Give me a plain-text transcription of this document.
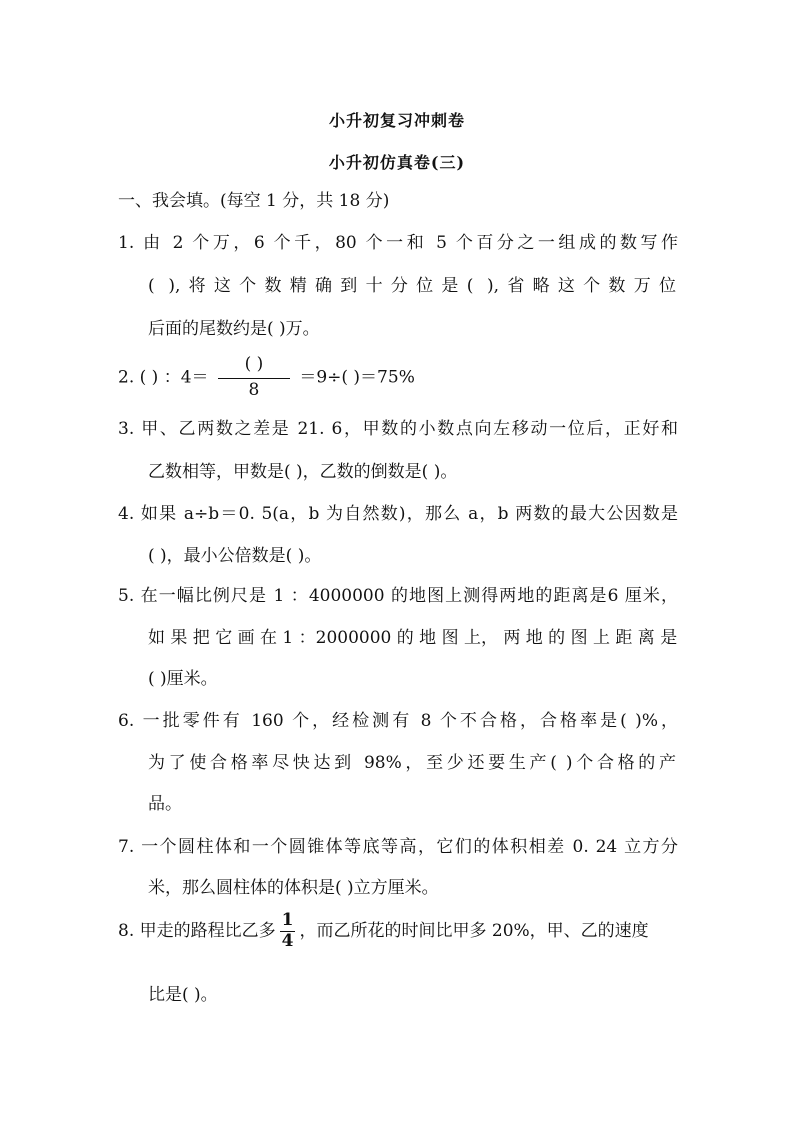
小升初复习冲刺卷
小升初仿真卷(三)
一、我会填。(每空 1 分，共 18 分)
1. 由 2 个万，6 个千，80 个一和 5 个百分之一组成的数写作
( ),将这个数精确到十分位是( ),省略这个数万位
后面的尾数约是( )万。
2. ( ) ：$4= \frac{( )}{8} =9\div$( )＝75%
3. 甲、乙两数之差是 21. 6，甲数的小数点向左移动一位后，正好和
乙数相等，甲数是( )，乙数的倒数是( )。
4. 如果 a÷b＝0. 5(a，b 为自然数)，那么 a，b 两数的最大公因数是
( )，最小公倍数是( )。
5. 在一幅比例尺是 1 ：4000000 的地图上测得两地的距离是6 厘米，
如 果 把 它 画 在 1 ：2000000 的 地 图 上， 两 地 的 图 上 距 离 是
( )厘米。
6. 一批零件有 160 个，经检测有 8 个不合格，合格率是( )%，
为了使合格率尽快达到 98%，至少还要生产( )个合格的产
品。
7. 一个圆柱体和一个圆锥体等底等高，它们的体积相差 0. 24 立方分
米，那么圆柱体的体积是( )立方厘米。
8. 甲走的路程比乙多 $\frac{1}{4}$ ，而乙所花的时间比甲多 20%，甲、乙的速度
比是( )。
